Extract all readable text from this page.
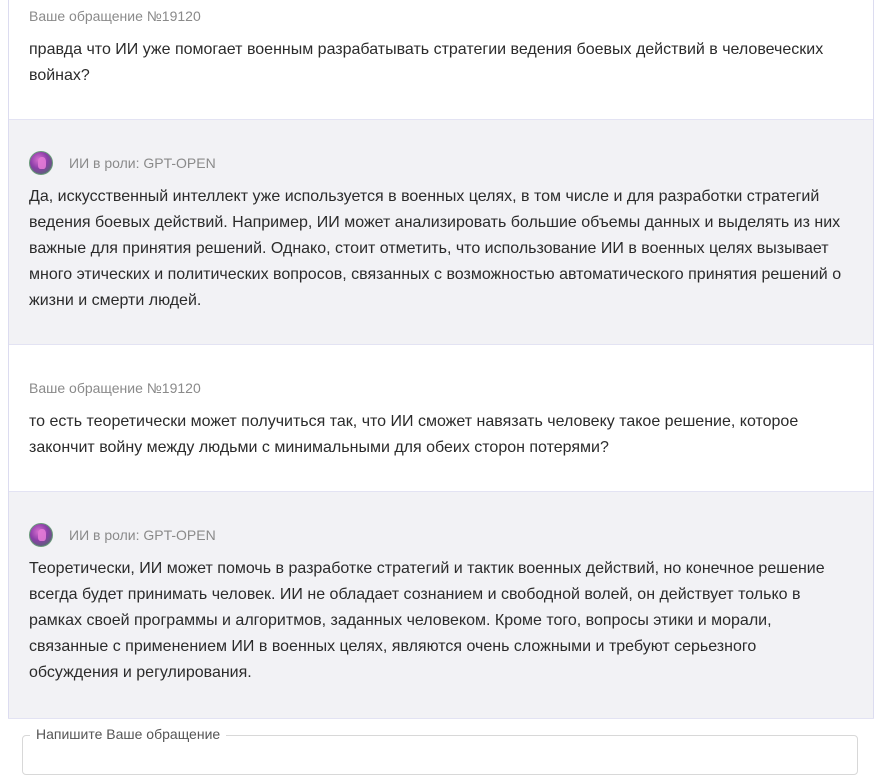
Ваше обращение №19120
правда что ИИ уже помогает военным разрабатывать стратегии ведения боевых действий в человеческих войнах?
ИИ в роли: GPT-OPEN
Да, искусственный интеллект уже используется в военных целях, в том числе и для разработки стратегий ведения боевых действий. Например, ИИ может анализировать большие объемы данных и выделять из них важные для принятия решений. Однако, стоит отметить, что использование ИИ в военных целях вызывает много этических и политических вопросов, связанных с возможностью автоматического принятия решений о жизни и смерти людей.
Ваше обращение №19120
то есть теоретически может получиться так, что ИИ сможет навязать человеку такое решение, которое закончит войну между людьми с минимальными для обеих сторон потерями?
ИИ в роли: GPT-OPEN
Теоретически, ИИ может помочь в разработке стратегий и тактик военных действий, но конечное решение всегда будет принимать человек. ИИ не обладает сознанием и свободной волей, он действует только в рамках своей программы и алгоритмов, заданных человеком. Кроме того, вопросы этики и морали, связанные с применением ИИ в военных целях, являются очень сложными и требуют серьезного обсуждения и регулирования.
Напишите Ваше обращение
